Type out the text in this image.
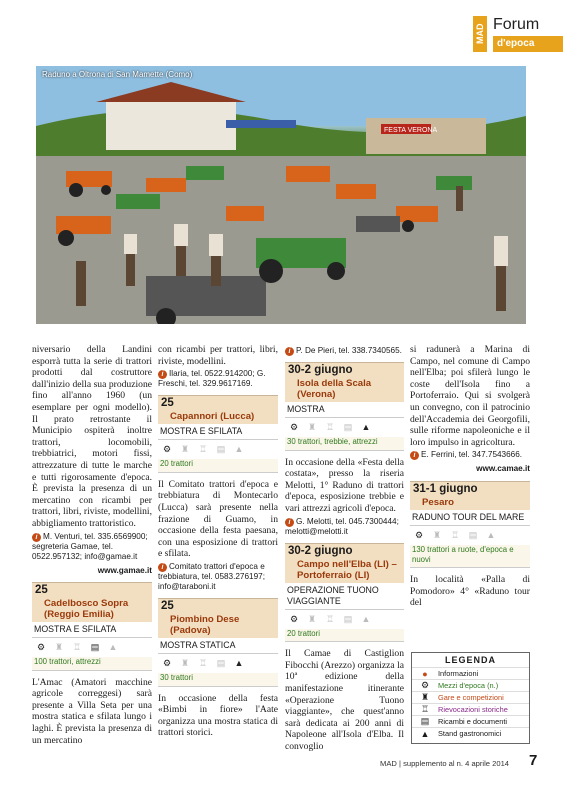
MAD Forum
d'epoca
FESTA VERONA
Raduno a Oltrona di San Mamette (Como)

niversario della Landini esporrà tutta la serie di trattori prodotti dal costruttore dall'inizio della sua produzione fino all'anno 1960 (un esemplare per ogni modello). Il prato retrostante il Municipio ospiterà inoltre trattori, locomobili, trebbiatrici, motori fissi, attrezzature di tutte le marche e tutti rigorosamente d'epoca. È prevista la presenza di un mercatino con ricambi per trattori, libri, riviste, modellini, abbigliamento trattoristico.

i M. Venturi, tel. 335.6569900; segreteria Gamae, tel. 0522.957132; info@gamae.it
www.gamae.it
25
Cadelbosco Sopra (Reggio Emilia)
MOSTRA E SFILATA
⚙	♜	♖	▤	▲
100 trattori, attrezzi

L'Amac (Amatori macchine agricole correggesi) sarà presente a Villa Seta per una mostra statica e sfilata lungo i laghi. È prevista la presenza di un mercatino

con ricambi per trattori, libri, riviste, modellini.

i Ilaria, tel. 0522.914200; G. Freschi, tel. 329.9617169.
25
Capannori (Lucca)
MOSTRA E SFILATA
⚙	♜	♖	▤	▲
20 trattori

Il Comitato trattori d'epoca e trebbiatura di Montecarlo (Lucca) sarà presente nella frazione di Guamo, in occasione della festa paesana, con una esposizione di trattori e sfilata.

i Comitato trattori d'epoca e trebbiatura, tel. 0583.276197; info@taraboni.it
25
Piombino Dese (Padova)
MOSTRA STATICA
⚙	♜	♖	▤	▲
30 trattori

In occasione della festa «Bimbi in fiore» l'Aate organizza una mostra statica di trattori storici.

i P. De Pieri, tel. 338.7340565.
30-2 giugno
Isola della Scala (Verona)
MOSTRA
⚙	♜	♖	▤	▲
30 trattori, trebbie, attrezzi

In occasione della «Festa della costata», presso la riseria Melotti, 1° Raduno di trattori d'epoca, esposizione trebbie e vari attrezzi agricoli d'epoca.

i G. Melotti, tel. 045.7300444; melotti@melotti.it
30-2 giugno
Campo nell'Elba (LI) – Portoferraio (LI)
OPERAZIONE TUONO VIAGGIANTE
⚙	♜	♖	▤	▲
20 trattori

Il Camae di Castiglion Fibocchi (Arezzo) organizza la 10ª edizione della manifestazione itinerante «Operazione Tuono viaggiante», che quest'anno sarà dedicata ai 200 anni di Napoleone all'Isola d'Elba. Il convoglio

si radunerà a Marina di Campo, nel comune di Campo nell'Elba; poi sfilerà lungo le coste dell'Isola fino a Portoferraio. Qui si svolgerà un convegno, con il patrocinio dell'Accademia dei Georgofili, sulle riforme napoleoniche e il loro impulso in agricoltura.

i E. Ferrini, tel. 347.7543666.
www.camae.it
31-1 giugno
Pesaro
RADUNO TOUR DEL MARE
⚙	♜	♖	▤	▲
130 trattori a ruote, d'epoca e nuovi

In località «Palla di Pomodoro» 4° «Raduno tour del

LEGENDA
●	Informazioni
⚙	Mezzi d'epoca (n.)
♜	Gare e competizioni
♖	Rievocazioni storiche
▤	Ricambi e documenti
▲	Stand gastronomici
MAD | supplemento al n. 4 aprile 2014 7
